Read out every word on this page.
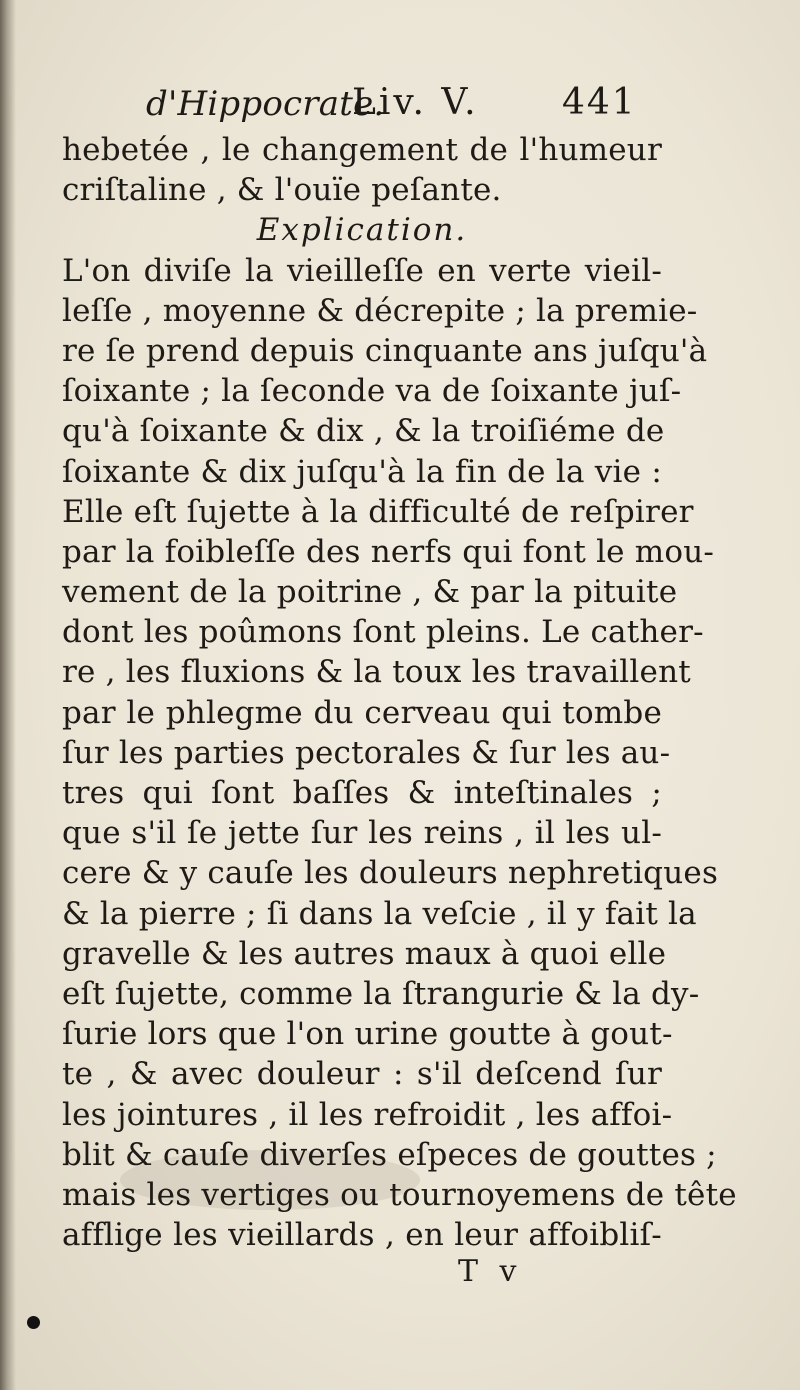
d'Hippocrate.
Liv. V. 441
hebetée , le changement de l'humeur
criſtaline , & l'ouïe peſante.
Explication.
L'on diviſe la vieilleſſe en verte vieil-
leſſe , moyenne & décrepite ; la premie-
re ſe prend depuis cinquante ans juſqu'à
ſoixante ; la ſeconde va de ſoixante juſ-
qu'à ſoixante & dix , & la troiſiéme de
ſoixante & dix juſqu'à la fin de la vie :
Elle eſt ſujette à la difficulté de reſpirer
par la foibleſſe des nerfs qui font le mou-
vement de la poitrine , & par la pituite
dont les poûmons ſont pleins. Le cather-
re , les fluxions & la toux les travaillent
par le phlegme du cerveau qui tombe
ſur les parties pectorales & ſur les au-
tres qui ſont baſſes & inteſtinales ;
que s'il ſe jette ſur les reins , il les ul-
cere & y cauſe les douleurs nephretiques
& la pierre ; ſi dans la veſcie , il y fait la
gravelle & les autres maux à quoi elle
eſt ſujette, comme la ſtrangurie & la dy-
ſurie lors que l'on urine goutte à gout-
te , & avec douleur : s'il deſcend ſur
les jointures , il les refroidit , les affoi-
blit & cauſe diverſes eſpeces de gouttes ;
mais les vertiges ou tournoyemens de tête
afflige les vieillards , en leur affoibliſ-
T v
